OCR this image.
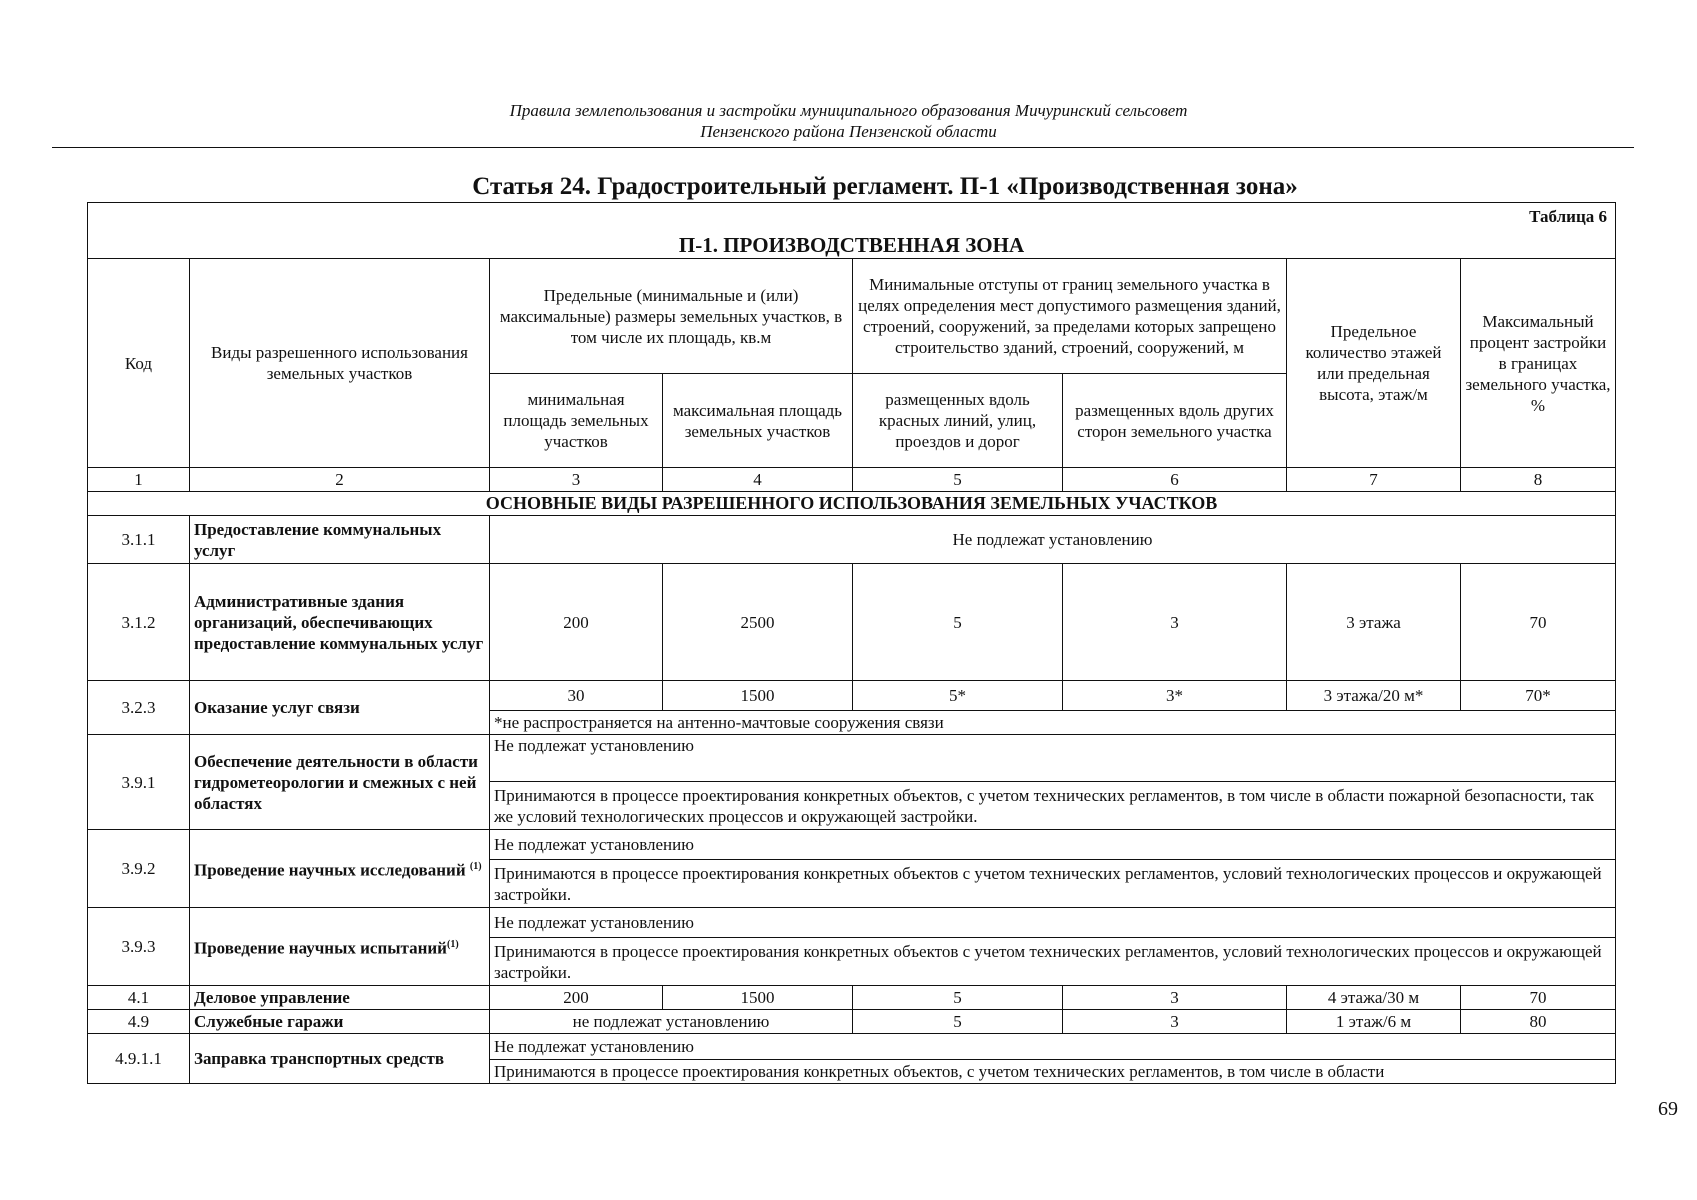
Правила землепользования и застройки муниципального образования Мичуринский сельсовет
Пензенского района Пензенской области
Статья 24. Градостроительный регламент. П-1 «Производственная зона»
Таблица 6
П-1. ПРОИЗВОДСТВЕННАЯ ЗОНА							

Код	Виды разрешенного использования земельных участков	Предельные (минимальные и (или) максимальные) размеры земельных участков, в том числе их площадь, кв.м		Минимальные отступы от границ земельного участка в целях определения мест допустимого размещения зданий, строений, сооружений, за пределами которых запрещено строительство зданий, строений, сооружений, м		Предельное количество этажей или предельная высота, этаж/м	Максимальный процент застройки в границах земельного участка, %
		минимальная площадь земельных участков	максимальная площадь земельных участков	размещенных вдоль красных линий, улиц, проездов и дорог	размещенных вдоль других сторон земельного участка		
1	2	3	4	5	6	7	8
ОСНОВНЫЕ ВИДЫ РАЗРЕШЕННОГО ИСПОЛЬЗОВАНИЯ ЗЕМЕЛЬНЫХ УЧАСТКОВ							
3.1.1	Предоставление коммунальных услуг	Не подлежат установлению					
3.1.2	Административные здания организаций, обеспечивающих предоставление коммунальных услуг	200	2500	5	3	3 этажа	70
3.2.3	Оказание услуг связи	30	1500	5*	3*	3 этажа/20 м*	70*
		*не распространяется на антенно-мачтовые сооружения связи					
3.9.1	Обеспечение деятельности в области гидрометеорологии и смежных с ней областях	Не подлежат установлению					
		Принимаются в процессе проектирования конкретных объектов, с учетом технических регламентов, в том числе в области пожарной безопасности, так же условий технологических процессов и окружающей застройки.					
3.9.2	Проведение научных исследований $^{(1)}$	Не подлежат установлению					
		Принимаются в процессе проектирования конкретных объектов с учетом технических регламентов, условий технологических процессов и окружающей застройки.					
3.9.3	Проведение научных испытаний$^{(1)}$	Не подлежат установлению					
		Принимаются в процессе проектирования конкретных объектов с учетом технических регламентов, условий технологических процессов и окружающей застройки.					
4.1	Деловое управление	200	1500	5	3	4 этажа/30 м	70
4.9	Служебные гаражи	не подлежат установлению		5	3	1 этаж/6 м	80
4.9.1.1	Заправка транспортных средств	Не подлежат установлению					
		Принимаются в процессе проектирования конкретных объектов, с учетом технических регламентов, в том числе в области					
69
